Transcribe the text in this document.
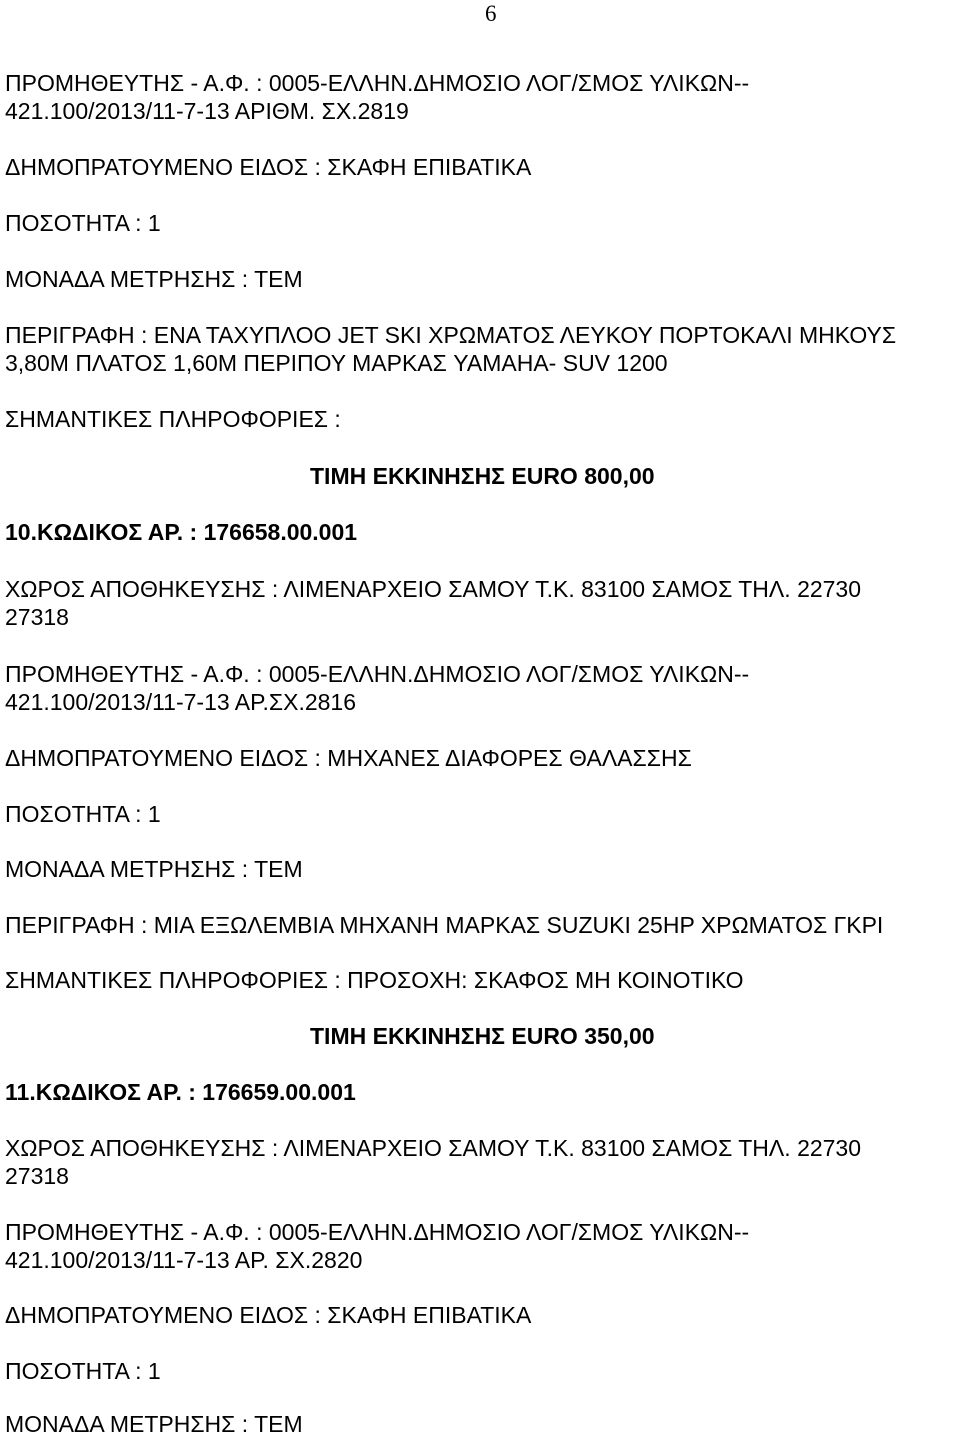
6
ΠΡΟΜΗΘΕΥΤΗΣ - Α.Φ. : 0005-ΕΛΛΗΝ.ΔΗΜΟΣΙΟ ΛΟΓ/ΣΜΟΣ ΥΛΙΚΩΝ--
421.100/2013/11-7-13 ΑΡΙΘΜ. ΣΧ.2819
ΔΗΜΟΠΡΑΤΟΥΜΕΝΟ ΕΙΔΟΣ : ΣΚΑΦΗ ΕΠΙΒΑΤΙΚΑ
ΠΟΣΟΤΗΤΑ : 1
ΜΟΝΑΔΑ ΜΕΤΡΗΣΗΣ : ΤΕΜ
ΠΕΡΙΓΡΑΦΗ : ΕΝΑ ΤΑΧΥΠΛΟΟ JET SKI ΧΡΩΜΑΤΟΣ ΛΕΥΚΟΥ ΠΟΡΤΟΚΑΛΙ ΜΗΚΟΥΣ
3,80Μ ΠΛΑΤΟΣ 1,60Μ ΠΕΡΙΠΟΥ ΜΑΡΚΑΣ YAMAHA- SUV 1200
ΣΗΜΑΝΤΙΚΕΣ ΠΛΗΡΟΦΟΡΙΕΣ :
ΤΙΜΗ ΕΚΚΙΝΗΣΗΣ EURO 800,00
10.ΚΩΔΙΚΟΣ ΑΡ. : 176658.00.001
ΧΩΡΟΣ ΑΠΟΘΗΚΕΥΣΗΣ : ΛΙΜΕΝΑΡΧΕΙΟ ΣΑΜΟΥ Τ.Κ. 83100 ΣΑΜΟΣ ΤΗΛ. 22730
27318
ΠΡΟΜΗΘΕΥΤΗΣ - Α.Φ. : 0005-ΕΛΛΗΝ.ΔΗΜΟΣΙΟ ΛΟΓ/ΣΜΟΣ ΥΛΙΚΩΝ--
421.100/2013/11-7-13 ΑΡ.ΣΧ.2816
ΔΗΜΟΠΡΑΤΟΥΜΕΝΟ ΕΙΔΟΣ : ΜΗΧΑΝΕΣ ΔΙΑΦΟΡΕΣ ΘΑΛΑΣΣΗΣ
ΠΟΣΟΤΗΤΑ : 1
ΜΟΝΑΔΑ ΜΕΤΡΗΣΗΣ : ΤΕΜ
ΠΕΡΙΓΡΑΦΗ : ΜΙΑ ΕΞΩΛΕΜΒΙΑ ΜΗΧΑΝΗ ΜΑΡΚΑΣ SUZUKI 25HP ΧΡΩΜΑΤΟΣ ΓΚΡΙ
ΣΗΜΑΝΤΙΚΕΣ ΠΛΗΡΟΦΟΡΙΕΣ : ΠΡΟΣΟΧΗ: ΣΚΑΦΟΣ ΜΗ ΚΟΙΝΟΤΙΚΟ
ΤΙΜΗ ΕΚΚΙΝΗΣΗΣ EURO 350,00
11.ΚΩΔΙΚΟΣ ΑΡ. : 176659.00.001
ΧΩΡΟΣ ΑΠΟΘΗΚΕΥΣΗΣ : ΛΙΜΕΝΑΡΧΕΙΟ ΣΑΜΟΥ Τ.Κ. 83100 ΣΑΜΟΣ ΤΗΛ. 22730
27318
ΠΡΟΜΗΘΕΥΤΗΣ - Α.Φ. : 0005-ΕΛΛΗΝ.ΔΗΜΟΣΙΟ ΛΟΓ/ΣΜΟΣ ΥΛΙΚΩΝ--
421.100/2013/11-7-13 ΑΡ. ΣΧ.2820
ΔΗΜΟΠΡΑΤΟΥΜΕΝΟ ΕΙΔΟΣ : ΣΚΑΦΗ ΕΠΙΒΑΤΙΚΑ
ΠΟΣΟΤΗΤΑ : 1
ΜΟΝΑΔΑ ΜΕΤΡΗΣΗΣ : ΤΕΜ
